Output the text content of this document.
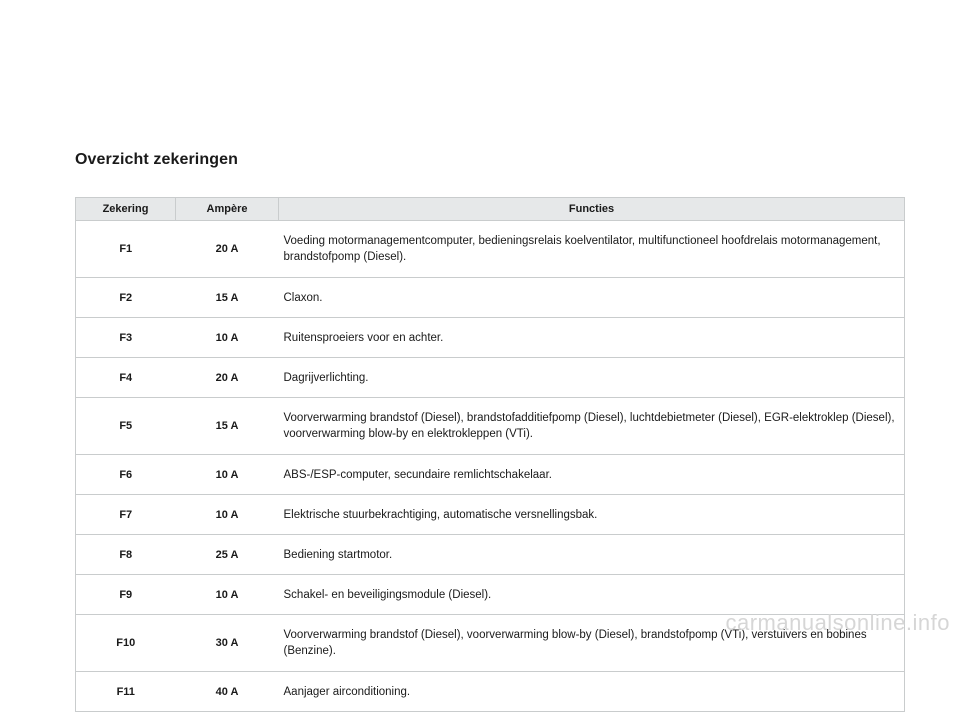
Overzicht zekeringen
Zekering	Ampère	Functies
F1	20 A	Voeding motormanagementcomputer, bedieningsrelais koelventilator, multifunctioneel hoofdrelais motormanagement, brandstofpomp (Diesel).
F2	15 A	Claxon.
F3	10 A	Ruitensproeiers voor en achter.
F4	20 A	Dagrijverlichting.
F5	15 A	Voorverwarming brandstof (Diesel), brandstofadditiefpomp (Diesel), luchtdebietmeter (Diesel), EGR-elektroklep (Diesel), voorverwarming blow-by en elektrokleppen (VTi).
F6	10 A	ABS-/ESP-computer, secundaire remlichtschakelaar.
F7	10 A	Elektrische stuurbekrachtiging, automatische versnellingsbak.
F8	25 A	Bediening startmotor.
F9	10 A	Schakel- en beveiligingsmodule (Diesel).
F10	30 A	Voorverwarming brandstof (Diesel), voorverwarming blow-by (Diesel), brandstofpomp (VTi), verstuivers en bobines (Benzine).
F11	40 A	Aanjager airconditioning.
carmanualsonline.info
